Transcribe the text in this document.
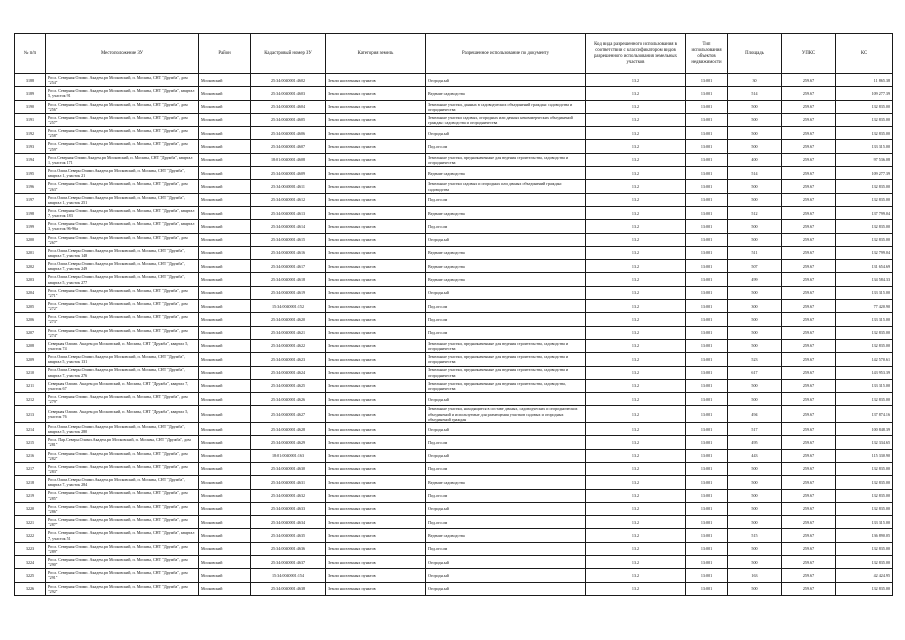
№ п/п	Местоположение ЗУ	Район	Кадастровый номер ЗУ	Категория земель	Разрешенное использование по документу	Код вида разрешенного использования в соответствии с классификатором видов разрешенного использования земельных участков	Тип использования объектов недвижимости	Площадь	УПКС	КС
3188	Росл. Северная Олимп. Академ.рп Московский, п. Москвы, СНТ "Дружба", дом "254"	Московский	25:34:0040001:4602	Земли населенных пунктов	Огородн.ый	13.2	13:001	30	259.67	11 865.38
3189	Росл. Северная Олимп. Академ.рп Московский, п. Москвы, СНТ "Дружба", квартал 5, участок 91	Московский	25:34:0040001:4603	Земли населенных пунктов	Ведение садоводства	13.2	13:001	514	259.67	109 277.39
3190	Росл. Северная Олимп. Академ.рп Московский, п. Москвы, СНТ "Дружба", дом "256"	Московский	25:34:0040001:4604	Земли населенных пунктов	Земельные участки, данных в садоводческих объединений граждан: садоводства и огородничества	13.2	13:001	500	259.67	132 835.00
3191	Росл. Северная Олимп. Академ.рп Московский, п. Москвы, СНТ "Дружба", дом "257"	Московский	25:34:0040001:4605	Земли населенных пунктов	Земельные участки садовых, огородных или дачных некоммерческих объединений граждан: садоводства и огородничества	13.2	13:001	500	259.67	132 835.00
3192	Росл. Северная Олимп. Академ.рп Московский, п. Москвы, СНТ "Дружба", дом "258"	Московский	25:34:0040001:4606	Земли населенных пунктов	Огородн.ый	13.2	13:001	500	259.67	132 835.00
3193	Росл. Северная Олимп. Академ.рп Московский, п. Москвы, СНТ "Дружба", дом "259"	Московский	25:34:0040001:4607	Земли населенных пунктов	Под.ого.ом	13.2	13:001	500	259.67	133 315.00
3194	Росл.Северная Олимп.Академ.рп Московский, п. Москвы, СНТ "Дружба", квартал 1, участок 171	Московский	18:01:0040001:4608	Земли населенных пунктов	Земельные участки, предназначенные для ведения строительства, садоводства и огородничества	13.2	13:001	400	259.67	97 536.08
3195	Росл.Олим.Северн.Олимп.Академ.рп Московский, п. Москвы, СНТ "Дружба", квартал 1, участок 21	Московский	25:34:0040001:4609	Земли населенных пунктов	Ведение садоводства	13.2	13:001	514	259.67	109 277.39
3196	Росл. Северная Олимп. Академ.рп Московский, п. Москвы, СНТ "Дружба", дом "263"	Московский	25:34:0040001:4611	Земли населенных пунктов	Земельные участки садовых и огородных или дачных объединений граждан: садоводства	13.2	13:001	500	259.67	132 835.00
3197	Росл.Олим.Северн.Олимп.Академ.рп Московский, п. Москвы, СНТ "Дружба", квартал 1, участок 251	Московский	25:34:0040001:4612	Земли населенных пунктов	Под.ого.ом	13.2	13:001	500	259.67	132 835.00
3198	Росл. Северная Олимп. Академ.рп Московский, п. Москвы, СНТ "Дружба", квартал 7, участок 183	Московский	25:34:0040001:4613	Земли населенных пунктов	Ведение садоводства	13.2	13:001	512	259.67	137 799.04
3199	Росл. Северная Олимп. Академ.рп Московский, п. Москвы, СНТ "Дружба", квартал 3, участок 96-96а	Московский	25:34:0040001:4614	Земли населенных пунктов	Под.ого.ом	13.2	13:001	500	259.67	132 835.00
3200	Росл. Северная Олимп. Академ.рп Московский, п. Москвы, СНТ "Дружба", дом "267"	Московский	25:34:0040001:4615	Земли населенных пунктов	Огородн.ый	13.2	13:001	500	259.67	132 835.00
3201	Росл.Олим.Северн.Олимп.Академ.рп Московский, п. Москвы, СНТ "Дружба", квартал 7, участок 148	Московский	25:34:0040001:4616	Земли населенных пунктов	Ведение садоводства	13.2	13:001	511	259.67	132 799.04
3202	Росл.Олим.Северн.Олимп.Академ.рп Московский, п. Москвы, СНТ "Дружба", квартал 7, участок 249	Московский	25:34:0040001:4617	Земли населенных пунктов	Ведение садоводства	13.2	13:001	507	259.67	131 654.69
3203	Росл.Олим.Северн.Олимп.Академ.рп Московский, п. Москвы, СНТ "Дружба", квартал 5, участок 277	Московский	25:34:0040001:4618	Земли населенных пунктов	Ведение садоводства	13.2	13:001	499	259.67	134 584.33
3204	Росл. Северная Олимп. Академ.рп Московский, п. Москвы, СНТ "Дружба", дом "271"	Московский	25:34:0040001:4619	Земли населенных пунктов	Огородн.ый	13.2	13:001	500	259.67	133 315.00
3205	Росл. Северная Олимп. Академ.рп Московский, п. Москвы, СНТ "Дружба", дом "272"	Московский	15:34:0040001:152	Земли населенных пунктов	Под.ого.ом	13.2	13:001	300	259.67	77 420.90
3206	Росл. Северная Олимп. Академ.рп Московский, п. Москвы, СНТ "Дружба", дом "273"	Московский	25:34:0040001:4620	Земли населенных пунктов	Под.ого.ом	13.2	13:001	500	259.67	133 315.00
3207	Росл. Северная Олимп. Академ.рп Московский, п. Москвы, СНТ "Дружба", дом "274"	Московский	25:34:0040001:4621	Земли населенных пунктов	Под.ого.ом	13.2	13:001	500	259.67	132 835.00
3208	Северная Олимп. Академ.рп Московский, п. Москвы, СНТ "Дружба", квартал 5, участок 74	Московский	25:34:0040001:4622	Земли населенных пунктов	Земельные участки, предназначенные для ведения строительства, садоводства и огородничества	13.2	13:001	500	259.67	132 835.00
3209	Росл.Олим.Северн.Олимп.Академ.рп Московский, п. Москвы, СНТ "Дружба", квартал 5, участок 131	Московский	25:34:0040001:4623	Земли населенных пунктов	Земельные участки, предназначенные для ведения строительства, садоводства и огородничества	13.2	13:001	523	259.67	142 570.61
3210	Росл.Олим.Северн.Олимп.Академ.рп Московский, п. Москвы, СНТ "Дружба", квартал 7, участок 276	Московский	25:34:0040001:4624	Земли населенных пунктов	Земельные участки, предназначенные для ведения строительства, садоводства и огородничества	13.2	13:001	617	259.67	143 953.39
3211	Северная Олимп. Академ.рп Московский, п. Москвы, СНТ "Дружба", квартал 7, участок 67	Московский	25:34:0040001:4625	Земли населенных пунктов	Земельные участки, предназначенные для ведения строительства, садоводства, огородничества	13.2	13:001	500	259.67	133 315.00
3212	Росл. Северная Олимп. Академ.рп Московский, п. Москвы, СНТ "Дружба", дом "279"	Московский	25:34:0040001:4626	Земли населенных пунктов	Огородн.ый	13.2	13:001	500	259.67	132 835.00
3213	Северная Олимп. Академ.рп Московский, п. Москвы, СНТ "Дружба", квартал 5, участок 76	Московский	25:34:0040001:4627	Земли населенных пунктов	Земельные участки, находящиеся в составе дачных, садоводческих и огороднических объединений и используемые для размещения участков садовых и огородных объединений граждан	13.2	13:001	494	259.67	137 874.16
3214	Росл.Олим.Северн.Олимп.Академ.рп Московский, п. Москвы, СНТ "Дружба", квартал 5, участок 280	Московский	25:34:0040001:4628	Земли населенных пунктов	Огородн.ый	13.2	13:001	517	259.67	100 848.39
3215	Росл. Пар.Северн.Олимп.Академ.рп Московский, п. Москвы, СНТ "Дружба", дом "281"	Московский	25:34:0040001:4629	Земли населенных пунктов	Под.ого.ом	13.2	13:001	495	259.67	132 334.65
3216	Росл. Северная Олимп. Академ.рп Московский, п. Москвы, СНТ "Дружба", дом "282"	Московский	18:01:0040001:163	Земли населенных пунктов	Огородн.ый	13.2	13:001	443	259.67	115 330.90
3217	Росл. Северная Олимп. Академ.рп Московский, п. Москвы, СНТ "Дружба", дом "283"	Московский	25:34:0040001:4630	Земли населенных пунктов	Под.ого.ом	13.2	13:001	500	259.67	132 835.00
3218	Росл.Олим.Северн.Олимп.Академ.рп Московский, п. Москвы, СНТ "Дружба", квартал 7, участок 284	Московский	25:34:0040001:4631	Земли населенных пунктов	Ведение садоводства	13.2	13:001	500	259.67	132 835.00
3219	Росл. Северная Олимп. Академ.рп Московский, п. Москвы, СНТ "Дружба", дом "285"	Московский	25:34:0040001:4632	Земли населенных пунктов	Под.ого.ом	13.2	13:001	500	259.67	132 835.00
3220	Росл. Северная Олимп. Академ.рп Московский, п. Москвы, СНТ "Дружба", дом "286"	Московский	25:34:0040001:4633	Земли населенных пунктов	Огородн.ый	13.2	13:001	500	259.67	132 835.00
3221	Росл. Северная Олимп. Академ.рп Московский, п. Москвы, СНТ "Дружба", дом "287"	Московский	25:34:0040001:4634	Земли населенных пунктов	Под.ого.ом	13.2	13:001	500	259.67	133 315.00
3222	Росл. Северная Олимп. Академ.рп Московский, п. Москвы, СНТ "Дружба", квартал 7, участок 51	Московский	25:34:0040001:4635	Земли населенных пунктов	Ведение садоводства	13.2	13:001	515	259.67	136 890.05
3223	Росл. Северная Олимп. Академ.рп Московский, п. Москвы, СНТ "Дружба", дом "289"	Московский	25:34:0040001:4636	Земли населенных пунктов	Под.ого.ом	13.2	13:001	500	259.67	132 835.00
3224	Росл. Северная Олимп. Академ.рп Московский, п. Москвы, СНТ "Дружба", дом "290"	Московский	25:34:0040001:4637	Земли населенных пунктов	Огородн.ый	13.2	13:001	500	259.67	132 835.00
3225	Росл. Северная Олимп. Академ.рп Московский, п. Москвы, СНТ "Дружба", дом "291"	Московский	15:34:0040001:154	Земли населенных пунктов	Огородн.ый	13.2	13:001	163	259.67	42 424.95
3226	Росл. Северная Олимп. Академ.рп Московский, п. Москвы, СНТ "Дружба", дом "292"	Московский	25:34:0040001:4638	Земли населенных пунктов	Огородн.ый	13.2	13:001	500	259.67	132 835.00
